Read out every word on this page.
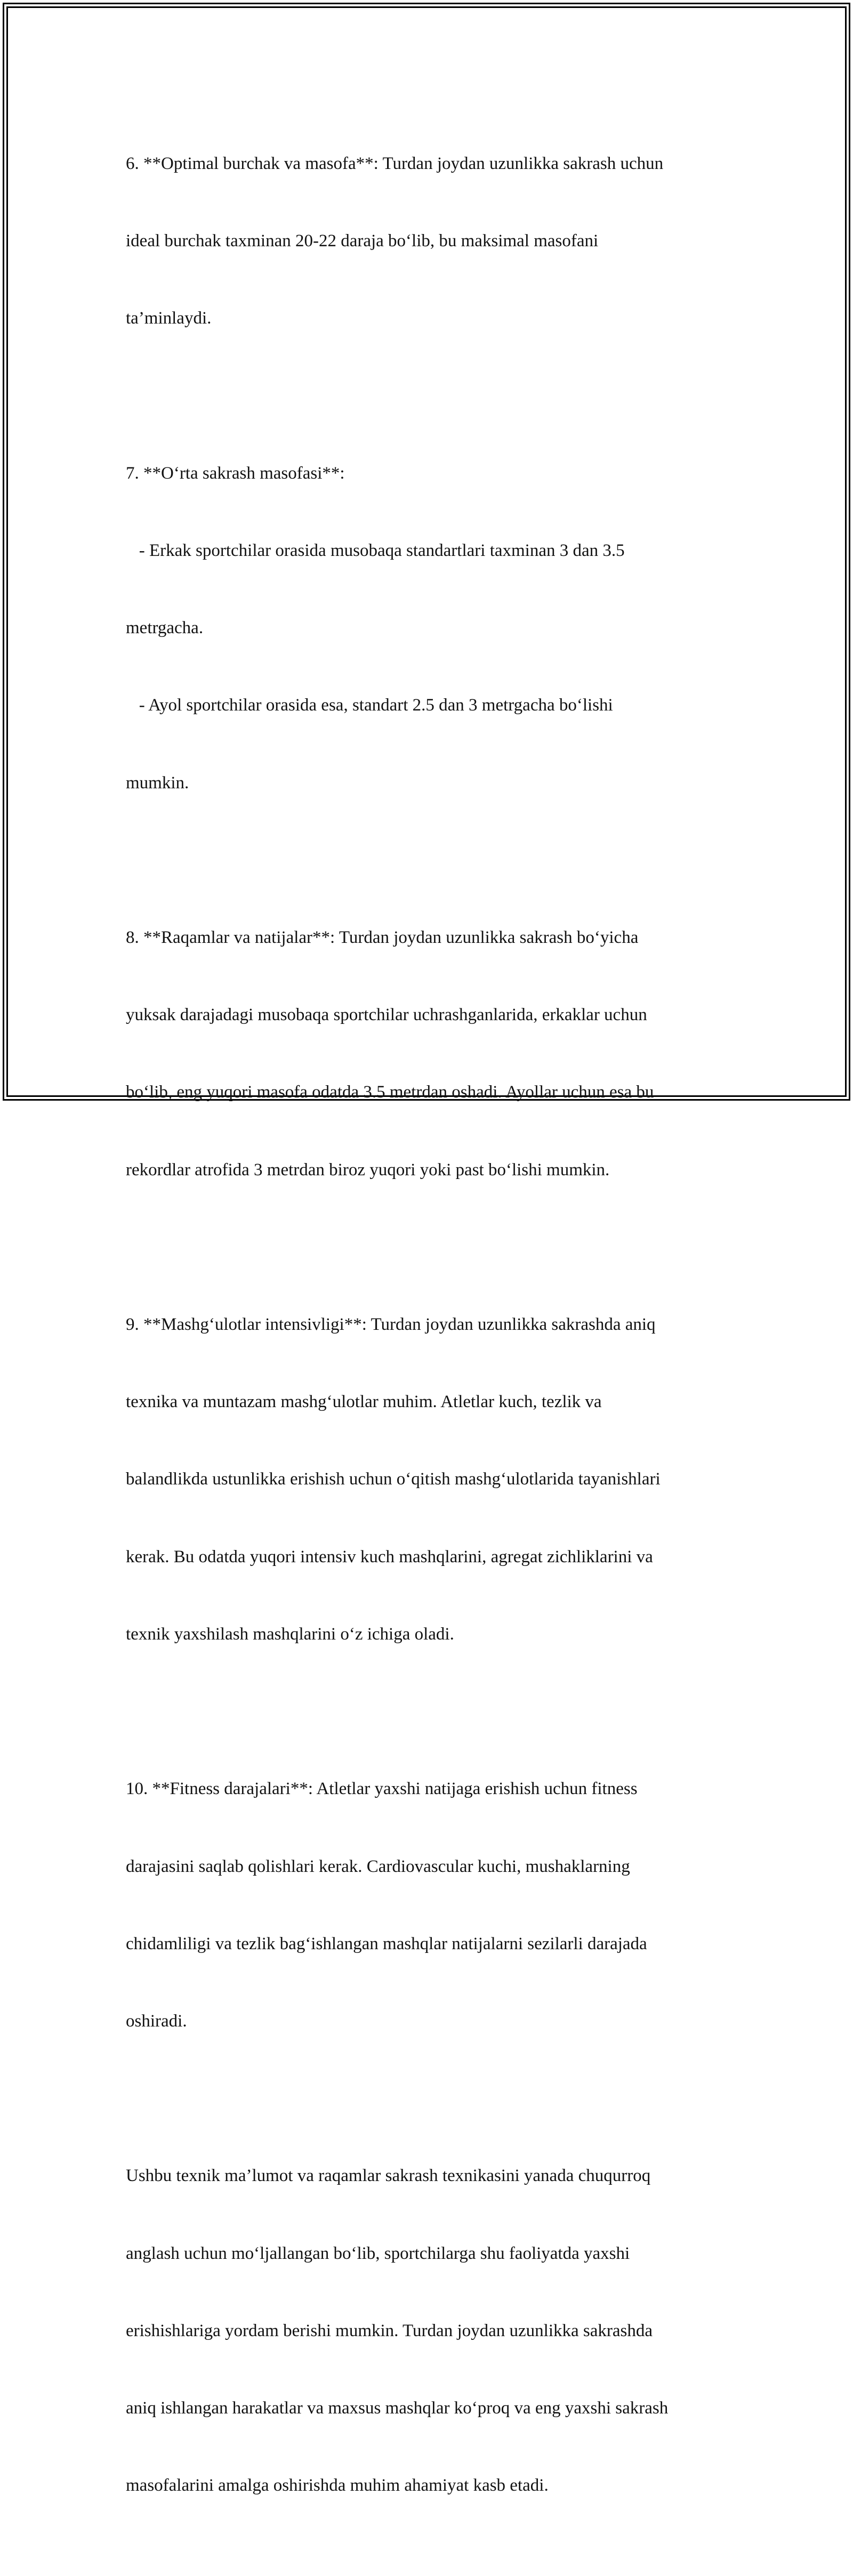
6. **Optimal burchak va masofa**: Turdan joydan uzunlikka sakrash uchun

ideal burchak taxminan 20-22 daraja bo‘lib, bu maksimal masofani

ta’minlaydi.

7. **O‘rta sakrash masofasi**:

- Erkak sportchilar orasida musobaqa standartlari taxminan 3 dan 3.5

metrgacha.

- Ayol sportchilar orasida esa, standart 2.5 dan 3 metrgacha bo‘lishi

mumkin.

8. **Raqamlar va natijalar**: Turdan joydan uzunlikka sakrash bo‘yicha

yuksak darajadagi musobaqa sportchilar uchrashganlarida, erkaklar uchun

bo‘lib, eng yuqori masofa odatda 3.5 metrdan oshadi. Ayollar uchun esa bu

rekordlar atrofida 3 metrdan biroz yuqori yoki past bo‘lishi mumkin.

9. **Mashg‘ulotlar intensivligi**: Turdan joydan uzunlikka sakrashda aniq

texnika va muntazam mashg‘ulotlar muhim. Atletlar kuch, tezlik va

balandlikda ustunlikka erishish uchun o‘qitish mashg‘ulotlarida tayanishlari

kerak. Bu odatda yuqori intensiv kuch mashqlarini, agregat zichliklarini va

texnik yaxshilash mashqlarini o‘z ichiga oladi.

10. **Fitness darajalari**: Atletlar yaxshi natijaga erishish uchun fitness

darajasini saqlab qolishlari kerak. Cardiovascular kuchi, mushaklarning

chidamliligi va tezlik bag‘ishlangan mashqlar natijalarni sezilarli darajada

oshiradi.

Ushbu texnik ma’lumot va raqamlar sakrash texnikasini yanada chuqurroq

anglash uchun mo‘ljallangan bo‘lib, sportchilarga shu faoliyatda yaxshi

erishishlariga yordam berishi mumkin. Turdan joydan uzunlikka sakrashda

aniq ishlangan harakatlar va maxsus mashqlar ko‘proq va eng yaxshi sakrash

masofalarini amalga oshirishda muhim ahamiyat kasb etadi.
